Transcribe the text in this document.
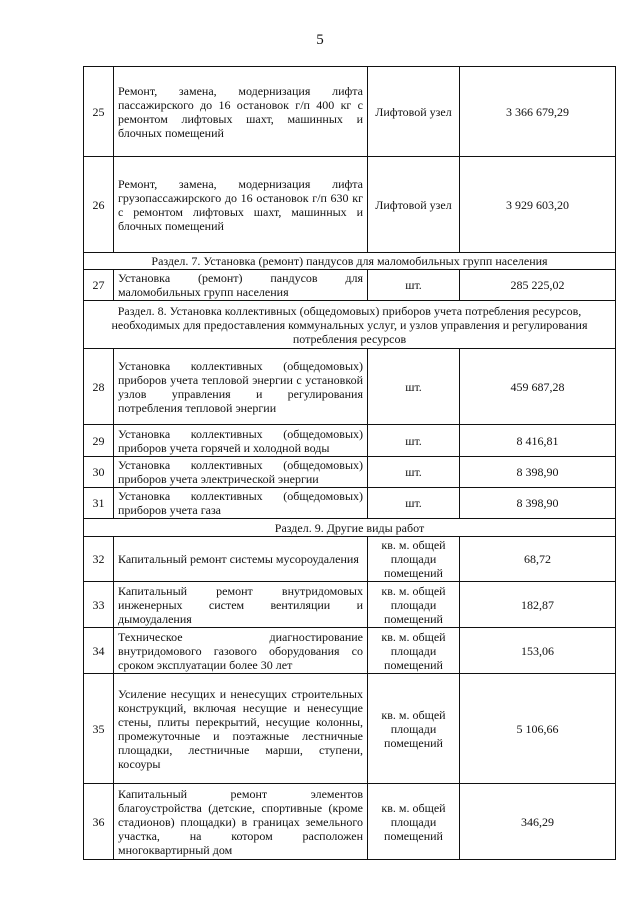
5
25	Ремонт, замена, модернизация лифта пассажирского до 16 остановок г/п 400 кг с ремонтом лифтовых шахт, машинных и блочных помещений	Лифтовой узел	3 366 679,29
26	Ремонт, замена, модернизация лифта грузопассажирского до 16 остановок г/п 630 кг с ремонтом лифтовых шахт, машинных и блочных помещений	Лифтовой узел	3 929 603,20
Раздел. 7. Установка (ремонт) пандусов для маломобильных групп населения			
27	Установка (ремонт) пандусов для маломобильных групп населения	шт.	285 225,02
Раздел. 8. Установка коллективных (общедомовых) приборов учета потребления ресурсов, необходимых для предоставления коммунальных услуг, и узлов управления и регулирования потребления ресурсов			
28	Установка коллективных (общедомовых) приборов учета тепловой энергии с установкой узлов управления и регулирования потребления тепловой энергии	шт.	459 687,28
29	Установка коллективных (общедомовых) приборов учета горячей и холодной воды	шт.	8 416,81
30	Установка коллективных (общедомовых) приборов учета электрической энергии	шт.	8 398,90
31	Установка коллективных (общедомовых) приборов учета газа	шт.	8 398,90
Раздел. 9. Другие виды работ			
32	Капитальный ремонт системы мусороудаления	кв. м. общей площади помещений	68,72
33	Капитальный ремонт внутридомовых инженерных систем вентиляции и дымоудаления	кв. м. общей площади помещений	182,87
34	Техническое диагностирование внутридомового газового оборудования со сроком эксплуатации более 30 лет	кв. м. общей площади помещений	153,06
35	Усиление несущих и ненесущих строительных конструкций, включая несущие и ненесущие стены, плиты перекрытий, несущие колонны, промежуточные и поэтажные лестничные площадки, лестничные марши, ступени, косоуры	кв. м. общей площади помещений	5 106,66
36	Капитальный ремонт элементов благоустройства (детские, спортивные (кроме стадионов) площадки) в границах земельного участка, на котором расположен многоквартирный дом	кв. м. общей площади помещений	346,29
